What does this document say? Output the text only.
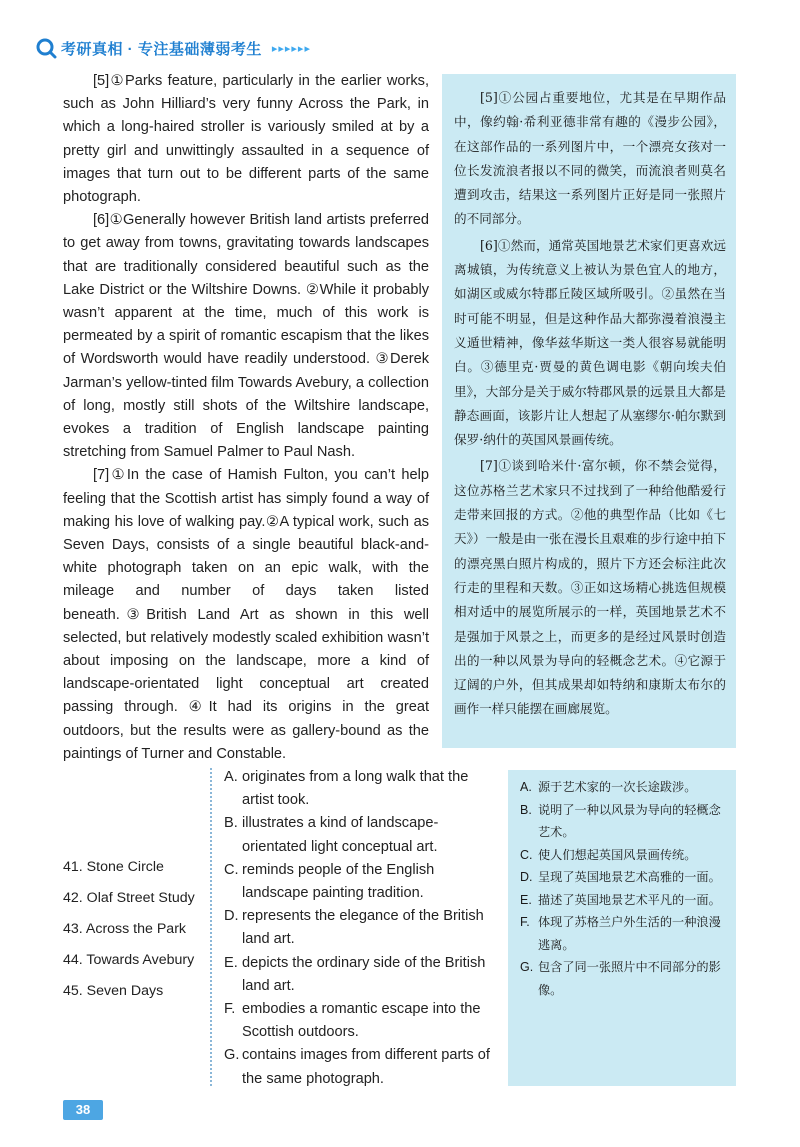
考研真相 · 专注基础薄弱考生 ▸▸▸▸▸▸

[5]①Parks feature, particularly in the earlier works, such as John Hilliard’s very funny Across the Park, in which a long-haired stroller is variously smiled at by a pretty girl and unwittingly assaulted in a sequence of images that turn out to be different parts of the same photograph.

[6]①Generally however British land artists preferred to get away from towns, gravitating towards landscapes that are traditionally considered beautiful such as the Lake District or the Wiltshire Downs. ②While it probably wasn’t apparent at the time, much of this work is permeated by a spirit of romantic escapism that the likes of Wordsworth would have readily understood. ③Derek Jarman’s yellow-tinted film Towards Avebury, a collection of long, mostly still shots of the Wiltshire landscape, evokes a tradition of English landscape painting stretching from Samuel Palmer to Paul Nash.

[7]①In the case of Hamish Fulton, you can’t help feeling that the Scottish artist has simply found a way of making his love of walking pay.②A typical work, such as Seven Days, consists of a single beautiful black-and-white photograph taken on an epic walk, with the mileage and number of days taken listed beneath.③British Land Art as shown in this well selected, but relatively modestly scaled exhibition wasn’t about imposing on the landscape, more a kind of landscape-orientated light conceptual art created passing through. ④It had its origins in the great outdoors, but the results were as gallery-bound as the paintings of Turner and Constable.

[5]①公园占重要地位，尤其是在早期作品中，像约翰·希利亚德非常有趣的《漫步公园》，在这部作品的一系列图片中，一个漂亮女孩对一位长发流浪者报以不同的微笑，而流浪者则莫名遭到攻击，结果这一系列图片正好是同一张照片的不同部分。

[6]①然而，通常英国地景艺术家们更喜欢远离城镇，为传统意义上被认为景色宜人的地方，如湖区或威尔特郡丘陵区域所吸引。②虽然在当时可能不明显，但是这种作品大都弥漫着浪漫主义遁世精神，像华兹华斯这一类人很容易就能明白。③德里克·贾曼的黄色调电影《朝向埃夫伯里》，大部分是关于威尔特郡风景的远景且大都是静态画面，该影片让人想起了从塞缪尔·帕尔默到保罗·纳什的英国风景画传统。

[7]①谈到哈米什·富尔顿，你不禁会觉得，这位苏格兰艺术家只不过找到了一种给他酷爱行走带来回报的方式。②他的典型作品（比如《七天》）一般是由一张在漫长且艰难的步行途中拍下的漂亮黑白照片构成的，照片下方还会标注此次行走的里程和天数。③正如这场精心挑选但规模相对适中的展览所展示的一样，英国地景艺术不是强加于风景之上，而更多的是经过风景时创造出的一种以风景为导向的轻概念艺术。④它源于辽阔的户外，但其成果却如特纳和康斯太布尔的画作一样只能摆在画廊展览。

41. Stone Circle
42. Olaf Street Study
43. Across the Park
44. Towards Avebury
45. Seven Days
A. originates from a long walk that the artist took.
B. illustrates a kind of landscape-orientated light conceptual art.
C. reminds people of the English landscape painting tradition.
D. represents the elegance of the British land art.
E. depicts the ordinary side of the British land art.
F. embodies a romantic escape into the Scottish outdoors.
G. contains images from different parts of the same photograph.
A. 源于艺术家的一次长途跋涉。
B. 说明了一种以风景为导向的轻概念艺术。
C. 使人们想起英国风景画传统。
D. 呈现了英国地景艺术高雅的一面。
E. 描述了英国地景艺术平凡的一面。
F. 体现了苏格兰户外生活的一种浪漫逃离。
G. 包含了同一张照片中不同部分的影像。
38
